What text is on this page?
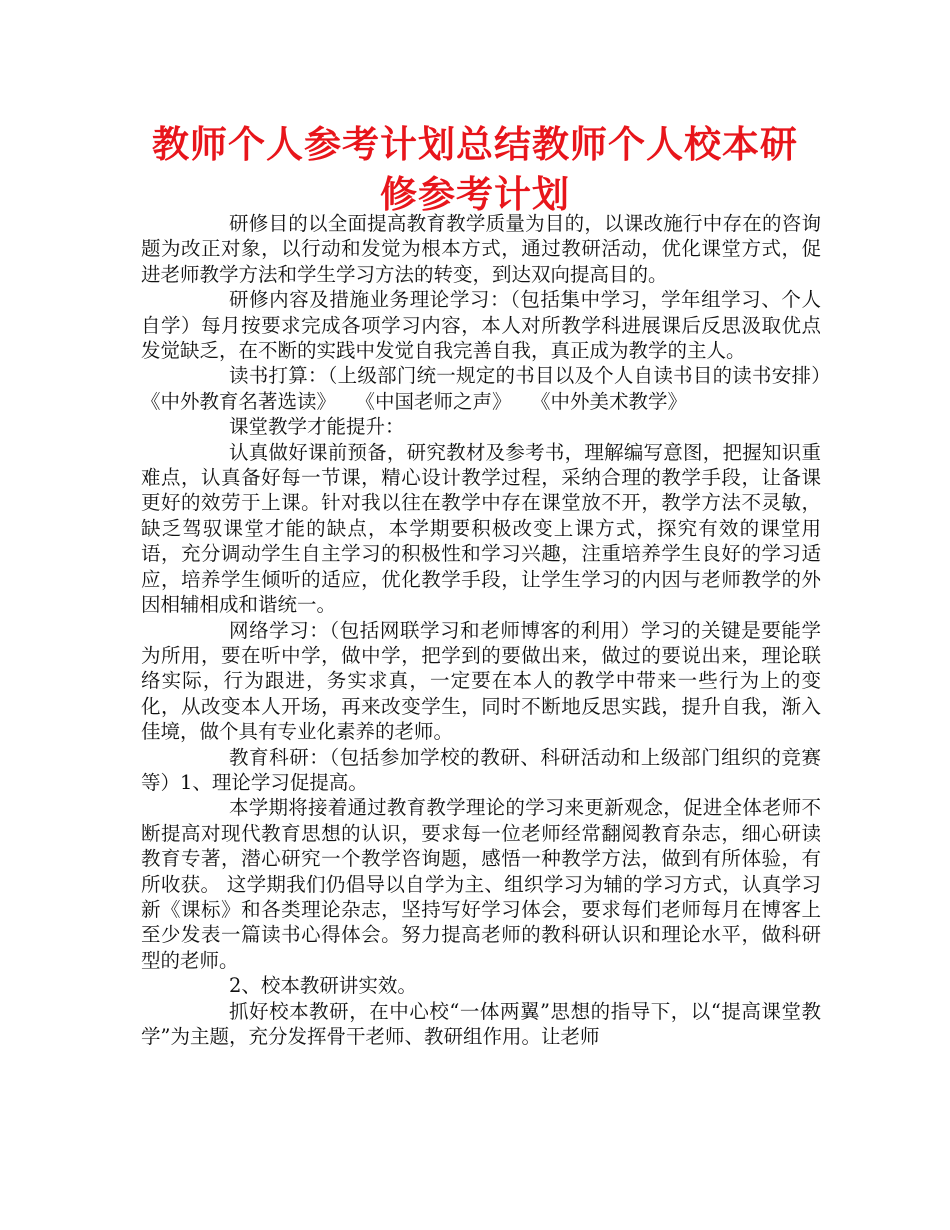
教师个人参考计划总结教师个人校本研修参考计划

研修目的以全面提高教育教学质量为目的，以课改施行中存在的咨询题为改正对象，以行动和发觉为根本方式，通过教研活动，优化课堂方式，促进老师教学方法和学生学习方法的转变，到达双向提高目的。

研修内容及措施业务理论学习：（包括集中学习，学年组学习、个人自学）每月按要求完成各项学习内容，本人对所教学科进展课后反思汲取优点发觉缺乏，在不断的实践中发觉自我完善自我，真正成为教学的主人。

读书打算：（上级部门统一规定的书目以及个人自读书目的读书安排）《中外教育名著选读》　　《中国老师之声》　　《中外美术教学》

课堂教学才能提升：

认真做好课前预备，研究教材及参考书，理解编写意图，把握知识重难点，认真备好每一节课，精心设计教学过程，采纳合理的教学手段，让备课更好的效劳于上课。针对我以往在教学中存在课堂放不开，教学方法不灵敏，缺乏驾驭课堂才能的缺点，本学期要积极改变上课方式，探究有效的课堂用语，充分调动学生自主学习的积极性和学习兴趣，注重培养学生良好的学习适应，培养学生倾听的适应，优化教学手段，让学生学习的内因与老师教学的外因相辅相成和谐统一。

网络学习：（包括网联学习和老师博客的利用）学习的关键是要能学为所用，要在听中学，做中学，把学到的要做出来，做过的要说出来，理论联络实际，行为跟进，务实求真，一定要在本人的教学中带来一些行为上的变化，从改变本人开场，再来改变学生，同时不断地反思实践，提升自我，渐入佳境，做个具有专业化素养的老师。

教育科研：（包括参加学校的教研、科研活动和上级部门组织的竞赛等）1、理论学习促提高。

本学期将接着通过教育教学理论的学习来更新观念，促进全体老师不断提高对现代教育思想的认识，要求每一位老师经常翻阅教育杂志，细心研读教育专著，潜心研究一个教学咨询题，感悟一种教学方法，做到有所体验，有所收获。 这学期我们仍倡导以自学为主、组织学习为辅的学习方式，认真学习新《课标》和各类理论杂志，坚持写好学习体会，要求每们老师每月在博客上至少发表一篇读书心得体会。努力提高老师的教科研认识和理论水平，做科研型的老师。

2、校本教研讲实效。

抓好校本教研，在中心校“一体两翼”思想的指导下，以“提高课堂教学”为主题，充分发挥骨干老师、教研组作用。让老师
